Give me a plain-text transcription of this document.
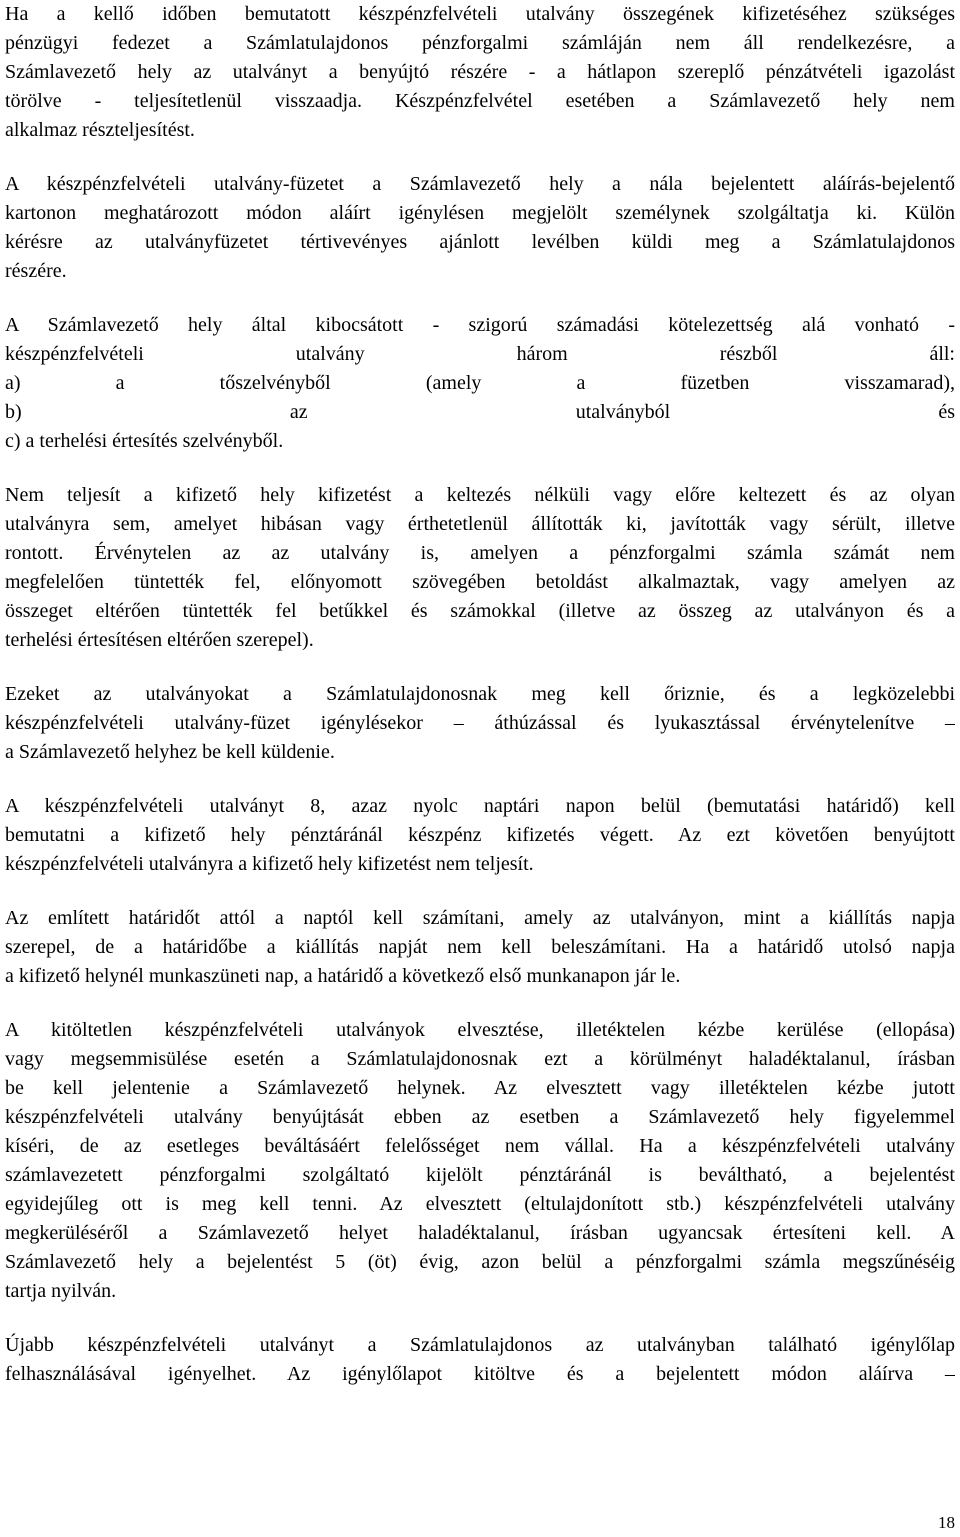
Ha a kellő időben bemutatott készpénzfelvételi utalvány összegének kifizetéséhez szükséges
pénzügyi fedezet a Számlatulajdonos pénzforgalmi számláján nem áll rendelkezésre, a
Számlavezető hely az utalványt a benyújtó részére - a hátlapon szereplő pénzátvételi igazolást
törölve - teljesítetlenül visszaadja. Készpénzfelvétel esetében a Számlavezető hely nem
alkalmaz részteljesítést.
A készpénzfelvételi utalvány-füzetet a Számlavezető hely a nála bejelentett aláírás-bejelentő
kartonon meghatározott módon aláírt igénylésen megjelölt személynek szolgáltatja ki. Külön
kérésre az utalványfüzetet tértivevényes ajánlott levélben küldi meg a Számlatulajdonos
részére.
A Számlavezető hely által kibocsátott - szigorú számadási kötelezettség alá vonható -
készpénzfelvételi utalvány három részből áll:
a) a tőszelvényből (amely a füzetben visszamarad),
b) az utalványból és
c) a terhelési értesítés szelvényből.
Nem teljesít a kifizető hely kifizetést a keltezés nélküli vagy előre keltezett és az olyan
utalványra sem, amelyet hibásan vagy érthetetlenül állították ki, javították vagy sérült, illetve
rontott. Érvénytelen az az utalvány is, amelyen a pénzforgalmi számla számát nem
megfelelően tüntették fel, előnyomott szövegében betoldást alkalmaztak, vagy amelyen az
összeget eltérően tüntették fel betűkkel és számokkal (illetve az összeg az utalványon és a
terhelési értesítésen eltérően szerepel).
Ezeket az utalványokat a Számlatulajdonosnak meg kell őriznie, és a legközelebbi
készpénzfelvételi utalvány-füzet igénylésekor – áthúzással és lyukasztással érvénytelenítve –
a Számlavezető helyhez be kell küldenie.
A készpénzfelvételi utalványt 8, azaz nyolc naptári napon belül (bemutatási határidő) kell
bemutatni a kifizető hely pénztáránál készpénz kifizetés végett. Az ezt követően benyújtott
készpénzfelvételi utalványra a kifizető hely kifizetést nem teljesít.
Az említett határidőt attól a naptól kell számítani, amely az utalványon, mint a kiállítás napja
szerepel, de a határidőbe a kiállítás napját nem kell beleszámítani. Ha a határidő utolsó napja
a kifizető helynél munkaszüneti nap, a határidő a következő első munkanapon jár le.
A kitöltetlen készpénzfelvételi utalványok elvesztése, illetéktelen kézbe kerülése (ellopása)
vagy megsemmisülése esetén a Számlatulajdonosnak ezt a körülményt haladéktalanul, írásban
be kell jelentenie a Számlavezető helynek. Az elvesztett vagy illetéktelen kézbe jutott
készpénzfelvételi utalvány benyújtását ebben az esetben a Számlavezető hely figyelemmel
kíséri, de az esetleges beváltásáért felelősséget nem vállal. Ha a készpénzfelvételi utalvány
számlavezetett pénzforgalmi szolgáltató kijelölt pénztáránál is beváltható, a bejelentést
egyidejűleg ott is meg kell tenni. Az elvesztett (eltulajdonított stb.) készpénzfelvételi utalvány
megkerüléséről a Számlavezető helyet haladéktalanul, írásban ugyancsak értesíteni kell. A
Számlavezető hely a bejelentést 5 (öt) évig, azon belül a pénzforgalmi számla megszűnéséig
tartja nyilván.
Újabb készpénzfelvételi utalványt a Számlatulajdonos az utalványban található igénylőlap
felhasználásával igényelhet. Az igénylőlapot kitöltve és a bejelentett módon aláírva –
18
